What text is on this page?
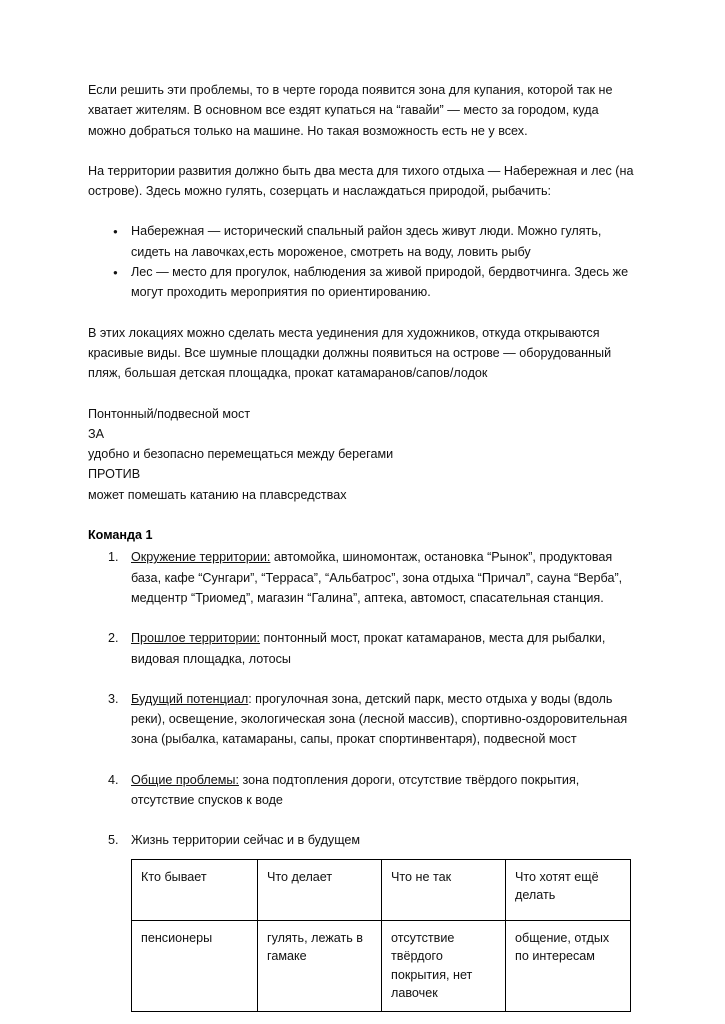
Если решить эти проблемы, то в черте города появится зона для купания, которой так не хватает жителям. В основном все ездят купаться на “гавайи” — место за городом, куда можно добраться только на машине. Но такая возможность есть не у всех.

На территории развития должно быть два места для тихого отдыха — Набережная и лес (на острове). Здесь можно гулять, созерцать и наслаждаться природой, рыбачить:

● Набережная — исторический спальный район здесь живут люди. Можно гулять, сидеть на лавочках,есть мороженое, смотреть на воду, ловить рыбу
● Лес — место для прогулок, наблюдения за живой природой, бердвотчинга. Здесь же могут проходить мероприятия по ориентированию.

В этих локациях можно сделать места уединения для художников, откуда открываются красивые виды. Все шумные площадки должны появиться на острове — оборудованный пляж, большая детская площадка, прокат катамаранов/сапов/лодок

Понтонный/подвесной мост
ЗА
удобно и безопасно перемещаться между берегами
ПРОТИВ
может помешать катанию на плавсредствах
Команда 1
Окружение территории: автомойка, шиномонтаж, остановка “Рынок”, продуктовая база, кафе “Сунгари”, “Терраса”, “Альбатрос”, зона отдыха “Причал”, сауна “Верба”, медцентр “Триомед”, магазин “Галина”, аптека, автомост, спасательная станция.
Прошлое территории: понтонный мост, прокат катамаранов, места для рыбалки, видовая площадка, лотосы
Будущий потенциал: прогулочная зона, детский парк, место отдыха у воды (вдоль реки), освещение, экологическая зона (лесной массив), спортивно-оздоровительная зона (рыбалка, катамараны, сапы, прокат спортинвентаря), подвесной мост
Общие проблемы: зона подтопления дороги, отсутствие твёрдого покрытия, отсутствие спусков к воде
Жизнь территории сейчас и в будущем
Кто бывает	Что делает	Что не так	Что хотят ещё делать
пенсионеры	гулять, лежать в гамаке	отсутствие твёрдого покрытия, нет лавочек	общение, отдых по интересам
